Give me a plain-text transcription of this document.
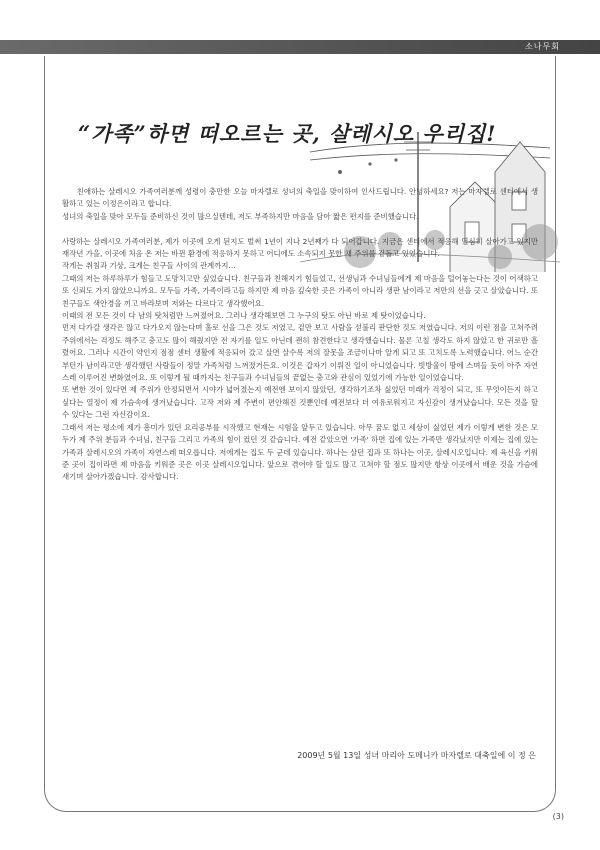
소나무회
“가족”하면 떠오르는 곳, 살레시오 우리집!

친애하는 살레시오 가족여러분께 성령이 충만한 오늘 마자렐로 성녀의 축일을 맞이하여 인사드립니다. 안녕하세요? 저는 마자렐로 센터에서 생활하고 있는 이정은이라고 합니다.

성녀의 축일을 맞아 모두들 준비하신 것이 많으실텐데, 저도 부족하지만 마음을 담아 짧은 편지를 준비했습니다.

사랑하는 살레시오 가족여러분, 제가 이곳에 오게 된지도 벌써 1년이 지나 2년째가 다 되어갑니다. 지금은 센터에서 적응해 열심히 살아가고 있지만 재작년 가을, 이곳에 처음 온 저는 바뀐 환경에 적응하지 못하고 어디에도 소속되지 못한 채 주위를 겉돌고 있었습니다.

작게는 취침과 기상, 크게는 친구들 사이의 관계까지…

그때의 저는 하루하루가 힘들고 도망치고만 싶었습니다. 친구들과 친해지기 힘들었고, 선생님과 수녀님들에게 제 마음을 털어놓는다는 것이 어색하고 또 신뢰도 가지 않았으니까요. 모두들 가족, 가족이라고들 하지만 제 마음 깊숙한 곳은 가족이 아니라 생판 남이라고 저만의 선을 긋고 살았습니다. 또 친구들도 색안경을 끼고 바라보며 저와는 다르다고 생각했어요.

이때의 전 모든 것이 다 남의 탓처럼만 느껴졌어요. 그러나 생각해보면 그 누구의 탓도 아닌 바로 제 탓이었습니다.

먼저 다가갈 생각은 않고 다가오지 않는다며 홀로 선을 그은 것도 저였고, 겉만 보고 사람을 섣불리 판단한 것도 저였습니다. 저의 이런 점을 고쳐주려 주위에서는 걱정도 해주고 충고도 많이 해줬지만 전 자기를 일도 아닌데 괜히 참견한다고 생각했습니다. 물론 고칠 생각도 하지 않았고 한 귀로만 흘렸어요. 그러나 시간이 약인지 점점 센터 생활에 적응되어 갔고 살면 살수록 저의 잘못을 조금이나마 알게 되고 또 고치도록 노력했습니다. 어느 순간부턴가 남이라고만 생각했던 사람들이 정말 가족처럼 느껴졌거든요. 이것은 갑자기 이뤄진 일이 아니었습니다. 빗방울이 땅에 스며들 듯이 아주 자연스레 이루어진 변화였어요. 또 이렇게 될 때까지는 친구들과 수녀님들의 끝없는 충고와 관심이 있었기에 가능한 일이었습니다.

또 변한 것이 있다면 제 주위가 안정되면서 시야가 넓어졌는지 예전엔 보이지 않았던, 생각하기조차 싫었던 미래가 걱정이 되고, 또 무엇이든지 하고 싶다는 열정이 제 가슴속에 생겨났습니다. 고작 저와 제 주변이 편안해진 것뿐인데 예전보다 더 여유로워지고 자신감이 생겨났습니다. 모든 것을 할 수 있다는 그런 자신감이요.

그래서 저는 평소에 제가 흥미가 있던 요리공부를 시작했고 현재는 시험을 앞두고 있습니다. 아무 꿈도 없고 세상이 싫었던 제가 이렇게 변한 것은 모두가 제 주위 분들과 수녀님, 친구들 그리고 가족의 힘이 컸던 것 같습니다. 예전 같았으면 '가족' 하면 집에 있는 가족만 생각났지만 이제는 집에 있는 가족과 살레시오의 가족이 자연스레 떠오릅니다. 저에게는 집도 두 군데 있습니다. 하나는 살던 집과 또 하나는 이곳, 살레시오입니다. 제 육신을 키워준 곳이 집이라면 제 마음을 키워준 곳은 이곳 살레시오입니다. 앞으로 겪어야 할 일도 많고 고쳐야 할 점도 많지만 항상 이곳에서 배운 것을 가슴에 새기며 살아가겠습니다. 감사합니다.

2009년 5월 13일 성녀 마리아 도메니카 마자렐로 대축일에 이 정 은
(3)
